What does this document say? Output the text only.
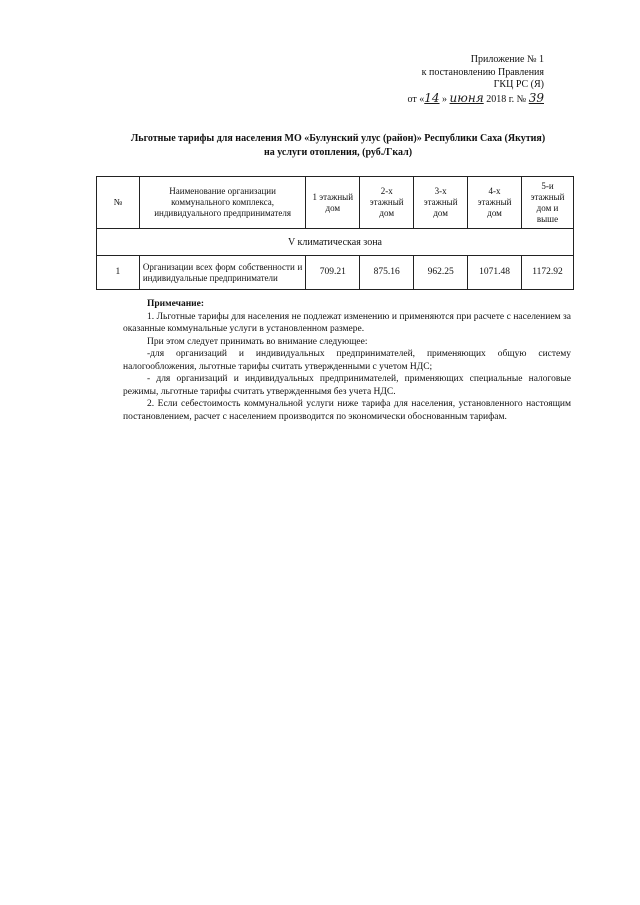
Приложение № 1
к постановлению Правления
ГКЦ РС (Я)
от «14 » июня 2018 г. № 39
Льготные тарифы для населения МО «Булунский улус (район)» Республики Саха (Якутия)
на услуги отопления, (руб./Гкал)
№	Наименование организации коммунального комплекса, индивидуального предпринимателя	1 этажный дом	2-х этажный дом	3-х этажный дом	4-х этажный дом	5-и этажный дом и выше
V климатическая зона						
1	Организации всех форм собственности и индивидуальные предприниматели	709.21	875.16	962.25	1071.48	1172.92
Примечание:

1. Льготные тарифы для населения не подлежат изменению и применяются при расчете с населением за оказанные коммунальные услуги в установленном размере.

При этом следует принимать во внимание следующее:

-для организаций и индивидуальных предпринимателей, применяющих общую систему налогообложения, льготные тарифы считать утвержденными с учетом НДС;

- для организаций и индивидуальных предпринимателей, применяющих специальные налоговые режимы, льготные тарифы считать утвержденнымя без учета НДС.

2. Если себестоимость коммунальной услуги ниже тарифа для населения, установленного настоящим постановлением, расчет с населением производится по экономически обоснованным тарифам.
